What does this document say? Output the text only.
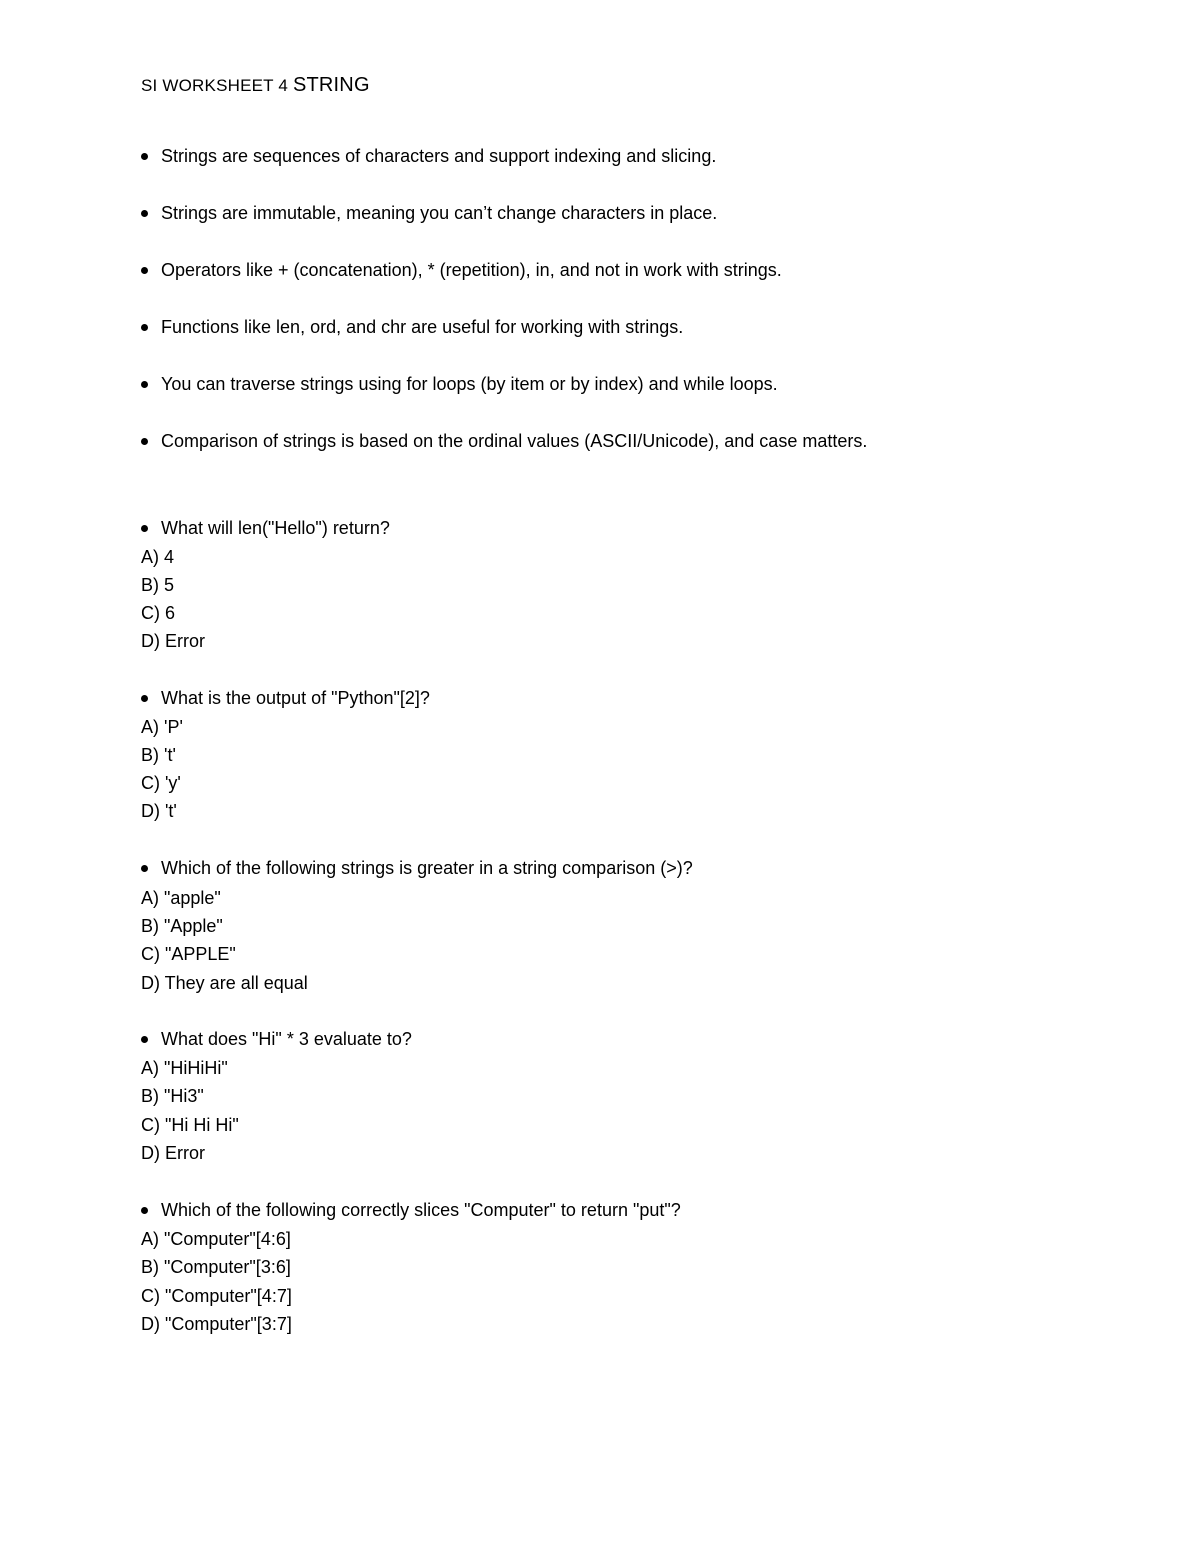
SI WORKSHEET 4 STRING
Strings are sequences of characters and support indexing and slicing.
Strings are immutable, meaning you can’t change characters in place.
Operators like + (concatenation), * (repetition), in, and not in work with strings.
Functions like len, ord, and chr are useful for working with strings.
You can traverse strings using for loops (by item or by index) and while loops.
Comparison of strings is based on the ordinal values (ASCII/Unicode), and case matters.
What will len("Hello") return?
A) 4
B) 5
C) 6
D) Error
What is the output of "Python"[2]?
A) 'P'
B) 't'
C) 'y'
D) 't'
Which of the following strings is greater in a string comparison (>)?
A) "apple"
B) "Apple"
C) "APPLE"
D) They are all equal
What does "Hi" * 3 evaluate to?
A) "HiHiHi"
B) "Hi3"
C) "Hi Hi Hi"
D) Error
Which of the following correctly slices "Computer" to return "put"?
A) "Computer"[4:6]
B) "Computer"[3:6]
C) "Computer"[4:7]
D) "Computer"[3:7]
